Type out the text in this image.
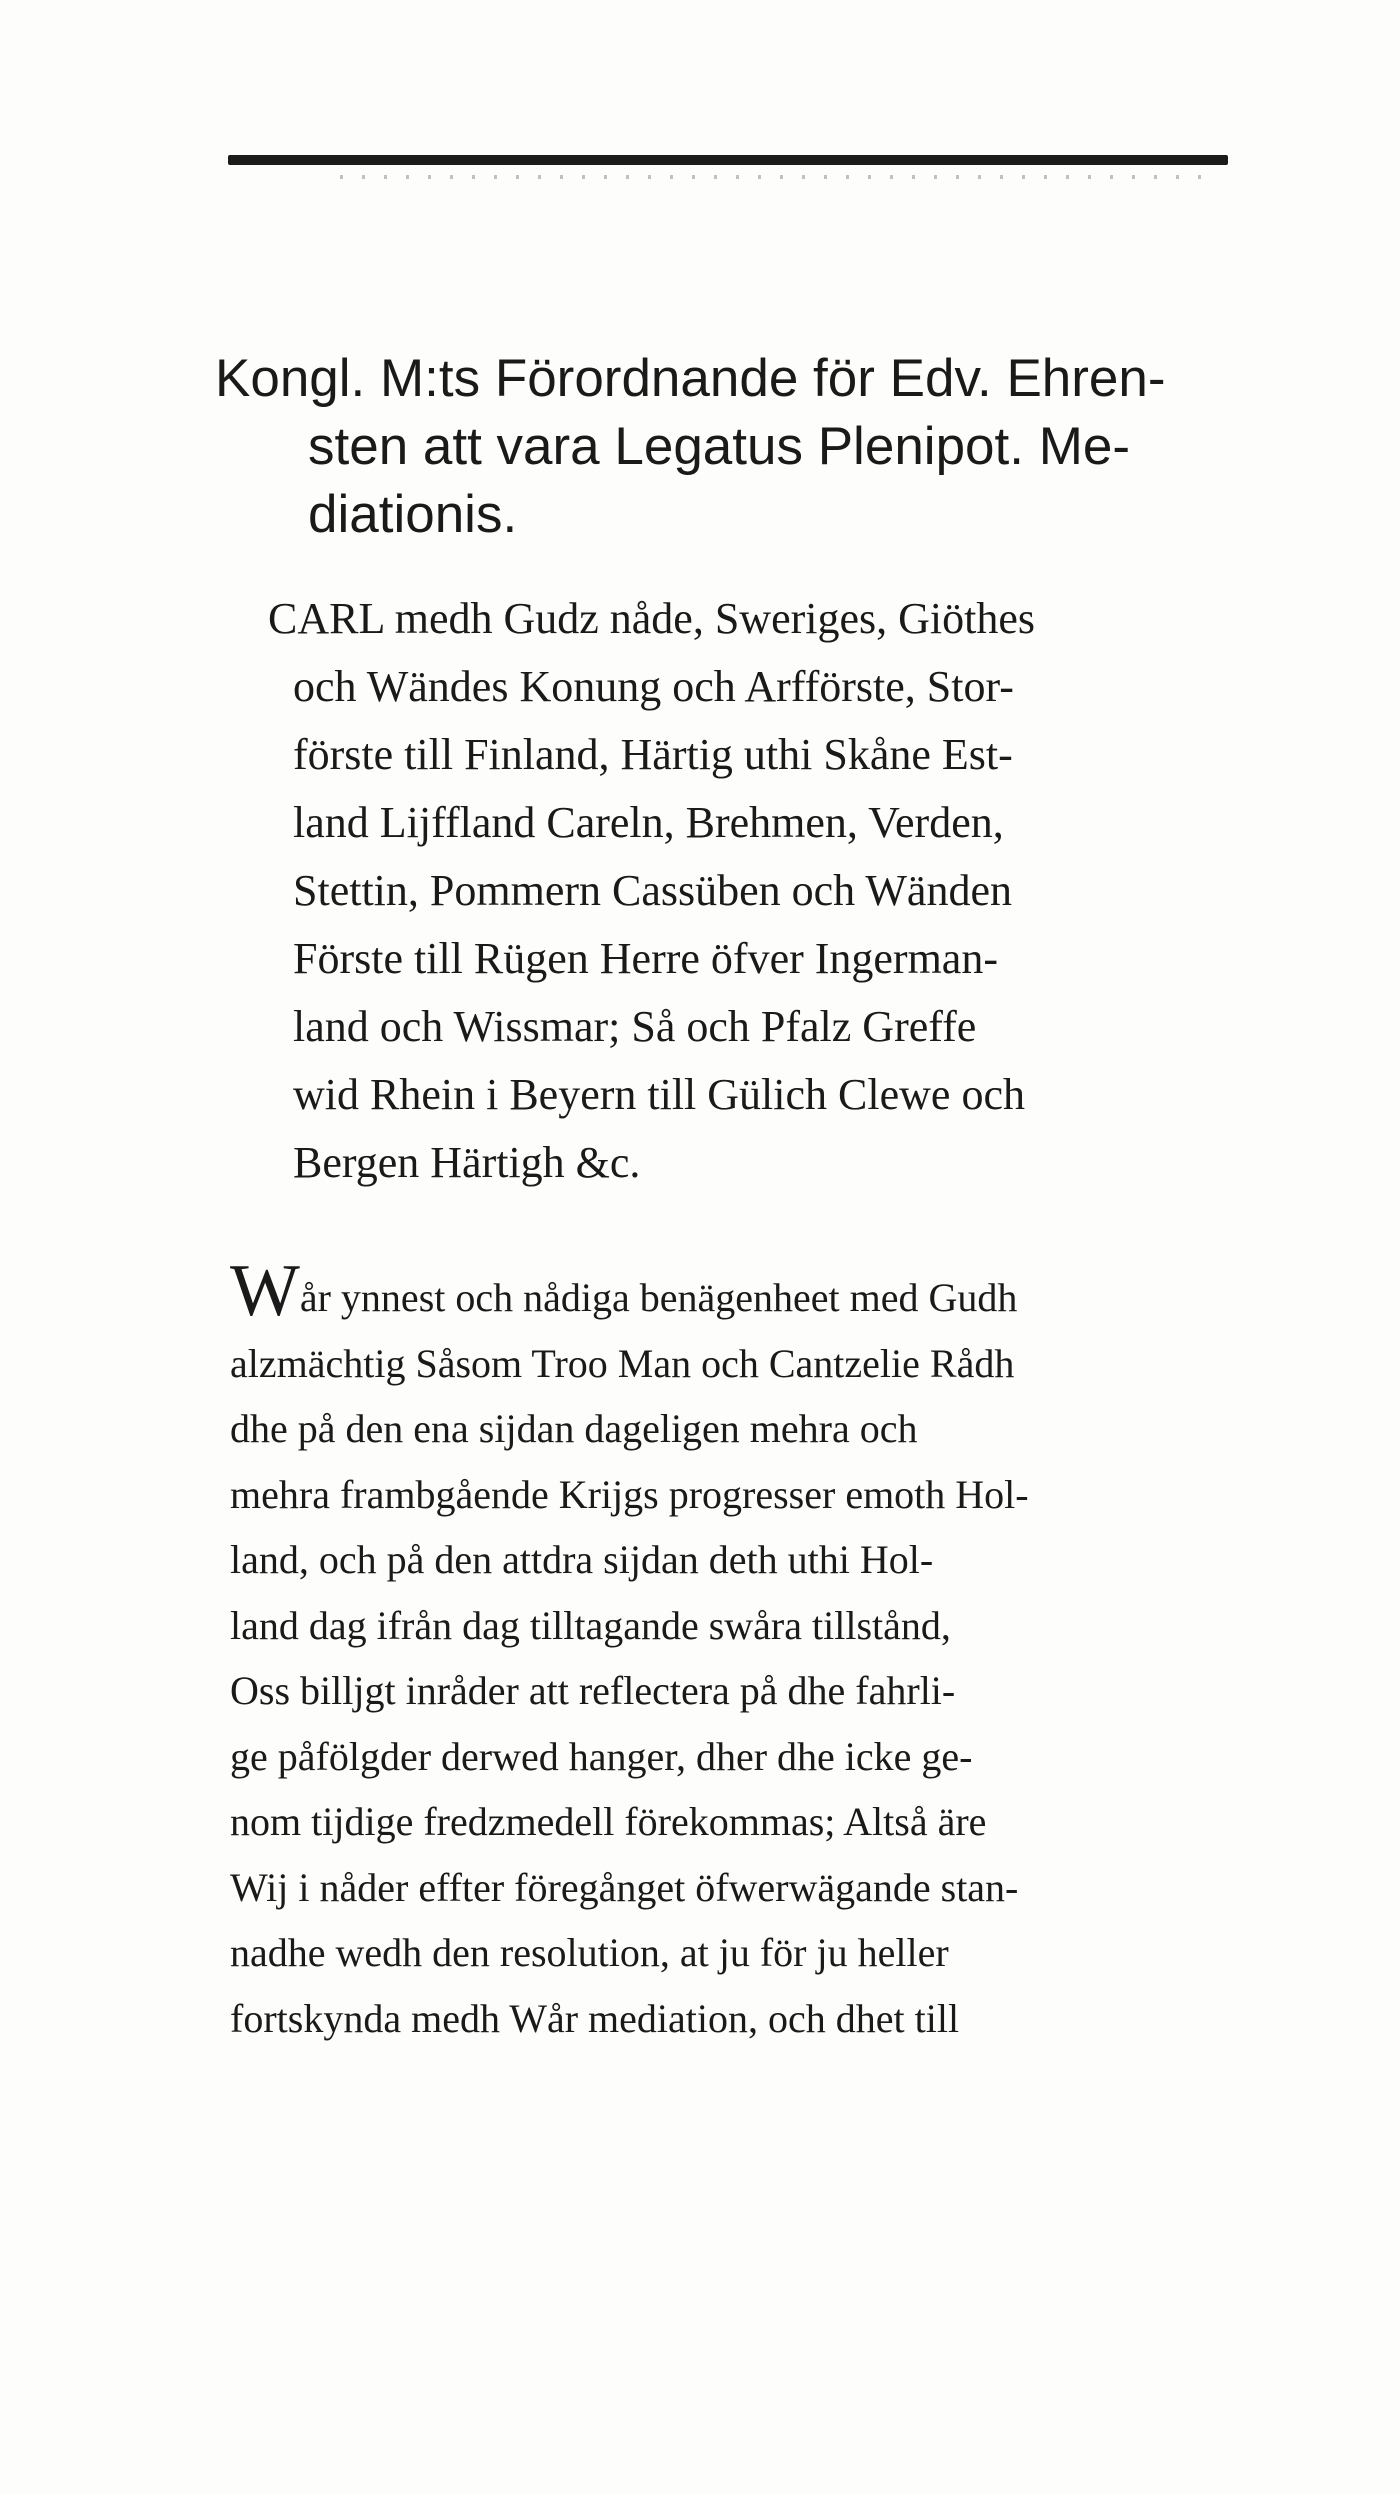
Kongl. M:ts Förordnande för Edv. Ehren-
sten att vara Legatus Plenipot. Me-
diationis.
CARL medh Gudz nåde, Sweriges, Giöthes
och Wändes Konung och Arfförste, Stor-
förste till Finland, Härtig uthi Skåne Est-
land Lijffland Careln, Brehmen, Verden,
Stettin, Pommern Cassüben och Wänden
Förste till Rügen Herre öfver Ingerman-
land och Wissmar; Så och Pfalz Greffe
wid Rhein i Beyern till Gülich Clewe och
Bergen Härtigh &c.
Wår ynnest och nådiga benägenheet med Gudh
alzmächtig Såsom Troo Man och Cantzelie Rådh
dhe på den ena sijdan dageligen mehra och
mehra frambgående Krijgs progresser emoth Hol-
land, och på den attdra sijdan deth uthi Hol-
land dag ifrån dag tilltagande swåra tillstånd,
Oss billjgt inråder att reflectera på dhe fahrli-
ge påfölgder derwed hanger, dher dhe icke ge-
nom tijdige fredzmedell förekommas; Altså äre
Wij i nåder effter föregånget öfwerwägande stan-
nadhe wedh den resolution, at ju för ju heller
fortskynda medh Wår mediation, och dhet till
